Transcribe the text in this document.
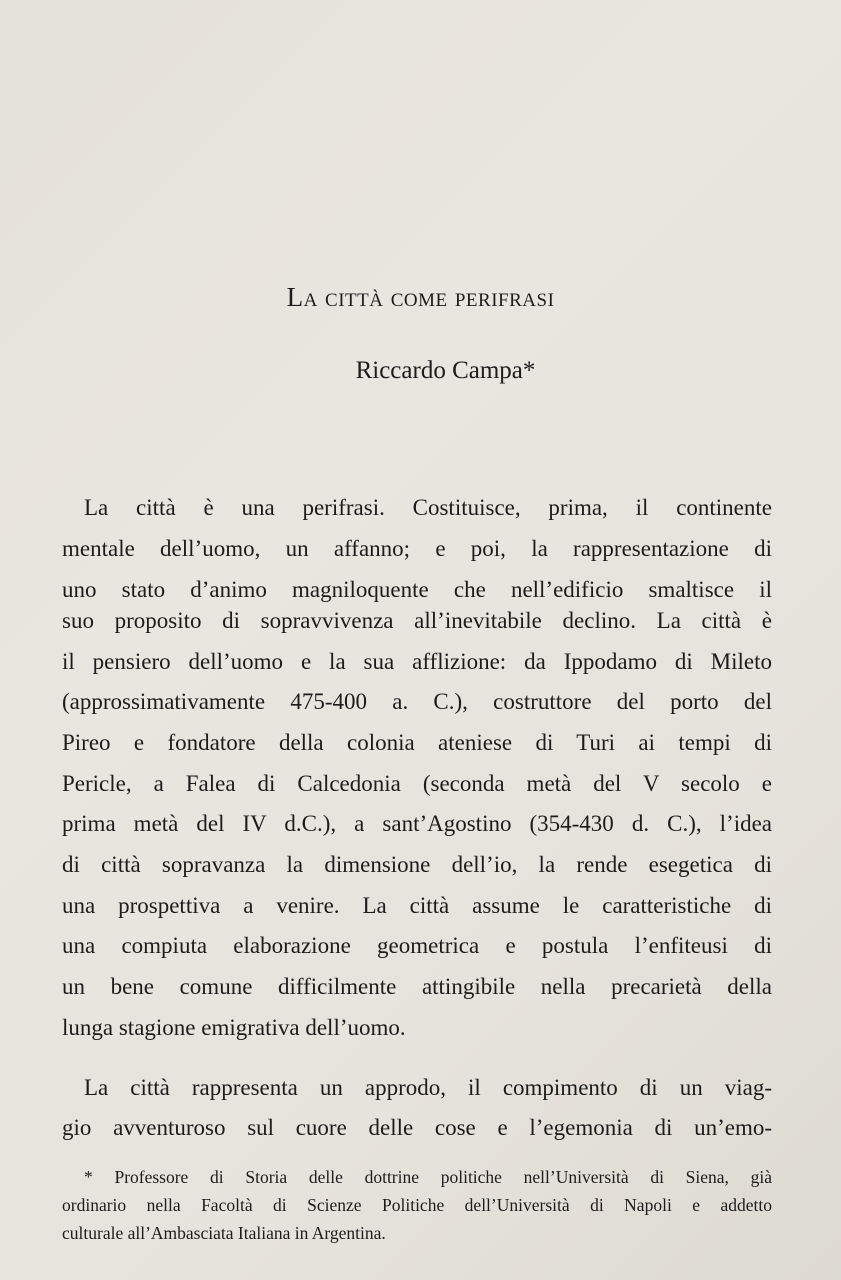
La città come perifrasi
Riccardo Campa*
La città è una perifrasi. Costituisce, prima, il continente
mentale dell’uomo, un affanno; e poi, la rappresentazione di
uno stato d’animo magniloquente che nell’edificio smaltisce il
suo proposito di sopravvivenza all’inevitabile declino. La città è
il pensiero dell’uomo e la sua afflizione: da Ippodamo di Mileto
(approssimativamente 475-400 a. C.), costruttore del porto del
Pireo e fondatore della colonia ateniese di Turi ai tempi di
Pericle, a Falea di Calcedonia (seconda metà del V secolo e
prima metà del IV d.C.), a sant’Agostino (354-430 d. C.), l’idea
di città sopravanza la dimensione dell’io, la rende esegetica di
una prospettiva a venire. La città assume le caratteristiche di
una compiuta elaborazione geometrica e postula l’enfiteusi di
un bene comune difficilmente attingibile nella precarietà della
lunga stagione emigrativa dell’uomo.
La città rappresenta un approdo, il compimento di un viag-
gio avventuroso sul cuore delle cose e l’egemonia di un’emo-
* Professore di Storia delle dottrine politiche nell’Università di Siena, già
ordinario nella Facoltà di Scienze Politiche dell’Università di Napoli e addetto
culturale all’Ambasciata Italiana in Argentina.
